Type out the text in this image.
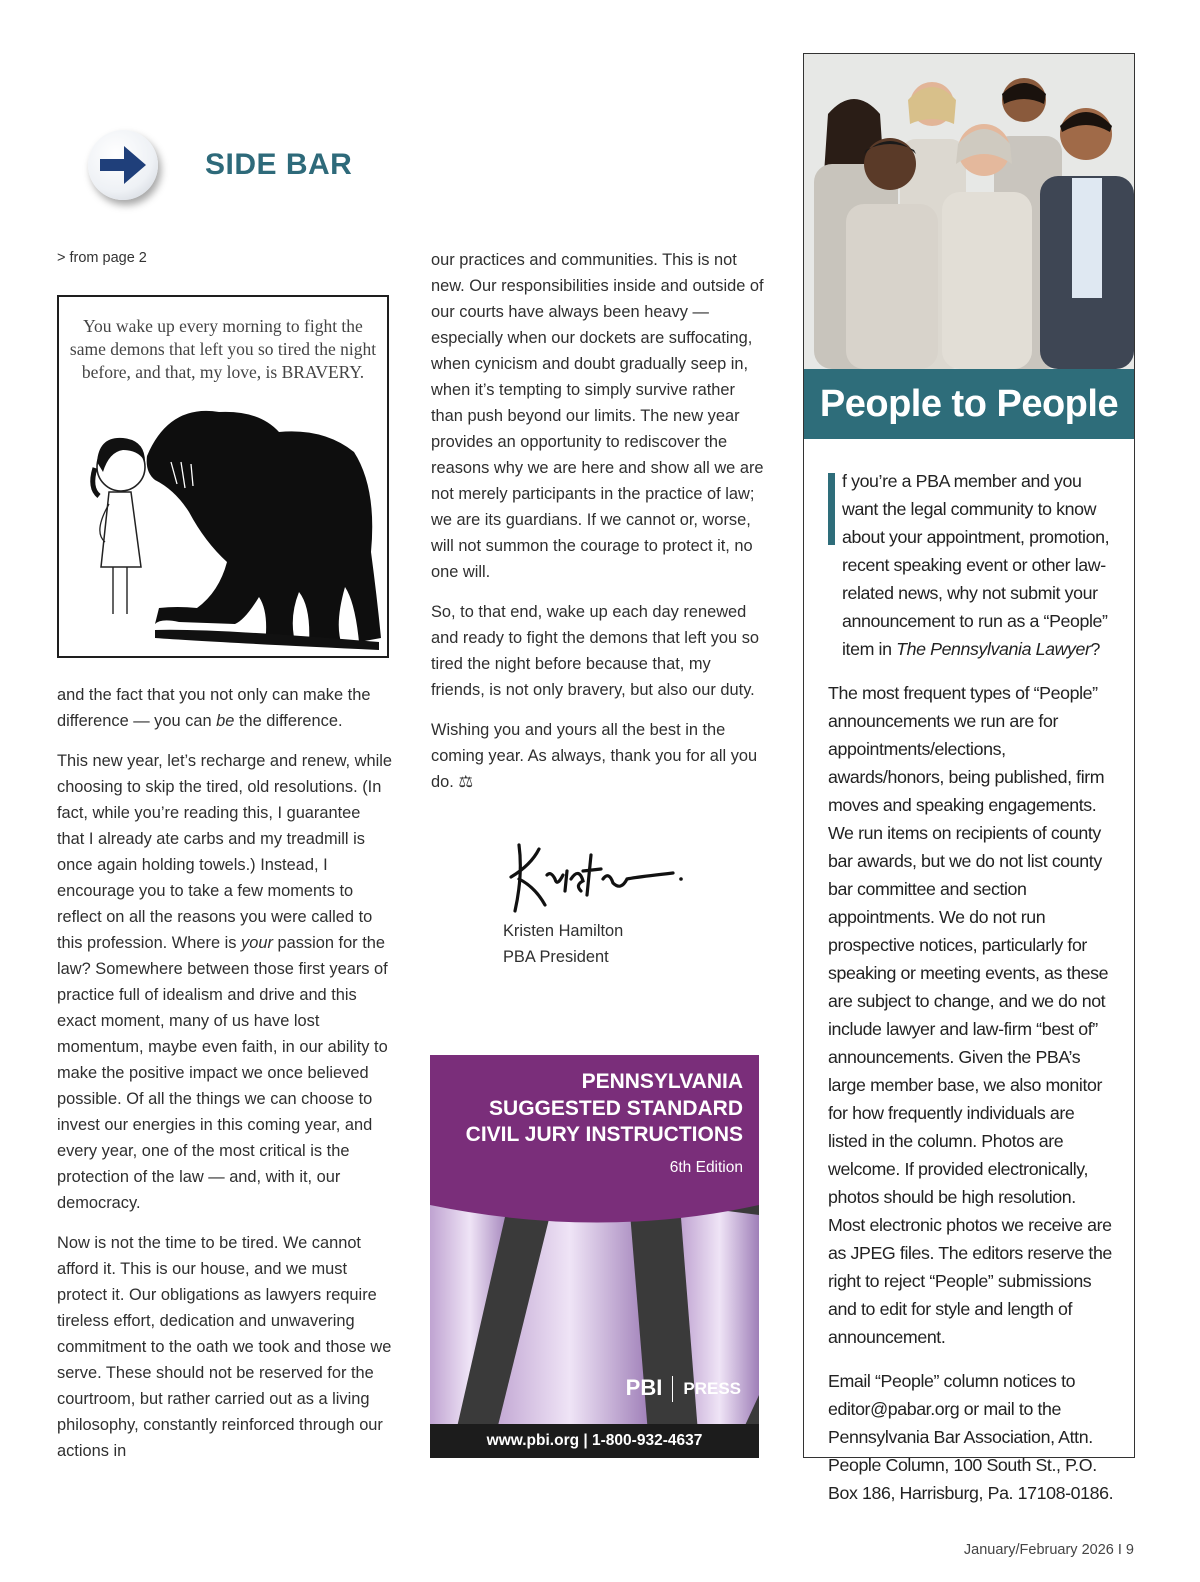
SIDE BAR
> from page 2
You wake up every morning to fight the same demons that left you so tired the night before, and that, my love, is BRAVERY.

and the fact that you not only can make the difference — you can be the difference.

This new year, let’s recharge and renew, while choosing to skip the tired, old resolutions. (In fact, while you’re reading this, I guarantee that I already ate carbs and my treadmill is once again holding towels.) Instead, I encourage you to take a few moments to reflect on all the reasons you were called to this profession. Where is your passion for the law? Somewhere between those first years of practice full of idealism and drive and this exact moment, many of us have lost momentum, maybe even faith, in our ability to make the positive impact we once believed possible. Of all the things we can choose to invest our energies in this coming year, and every year, one of the most critical is the protection of the law — and, with it, our democracy.

Now is not the time to be tired. We cannot afford it. This is our house, and we must protect it. Our obligations as lawyers require tireless effort, dedication and unwavering commitment to the oath we took and those we serve. These should not be reserved for the courtroom, but rather carried out as a living philosophy, constantly reinforced through our actions in

our practices and communities. This is not new. Our responsibilities inside and outside of our courts have always been heavy — especially when our dockets are suffocating, when cynicism and doubt gradually seep in, when it’s tempting to simply survive rather than push beyond our limits. The new year provides an opportunity to rediscover the reasons why we are here and show all we are not merely participants in the practice of law; we are its guardians. If we cannot or, worse, will not summon the courage to protect it, no one will.

So, to that end, wake up each day renewed and ready to fight the demons that left you so tired the night before because that, my friends, is not only bravery, but also our duty.

Wishing you and yours all the best in the coming year. As always, thank you for all you do. ⚖

Kristen Hamilton
PBA President
PENNSYLVANIA
SUGGESTED STANDARD
CIVIL JURY INSTRUCTIONS
6th Edition
PBI PRESS
www.pbi.org | 1-800-932-4637
People to People

f you’re a PBA member and you want the legal community to know about your appointment, promotion, recent speaking event or other law-related news, why not submit your announcement to run as a “People” item in The Pennsylvania Lawyer?

The most frequent types of “People” announcements we run are for appointments/elections, awards/honors, being published, firm moves and speaking engagements. We run items on recipients of county bar awards, but we do not list county bar committee and section appointments. We do not run prospective notices, particularly for speaking or meeting events, as these are subject to change, and we do not include lawyer and law-firm “best of” announcements. Given the PBA’s large member base, we also monitor for how frequently individuals are listed in the column. Photos are welcome. If provided electronically, photos should be high resolution. Most electronic photos we receive are as JPEG files. The editors reserve the right to reject “People” submissions and to edit for style and length of announcement.

Email “People” column notices to editor@pabar.org or mail to the Pennsylvania Bar Association, Attn. People Column, 100 South St., P.O. Box 186, Harrisburg, Pa. 17108-0186.

January/February 2026 I 9
